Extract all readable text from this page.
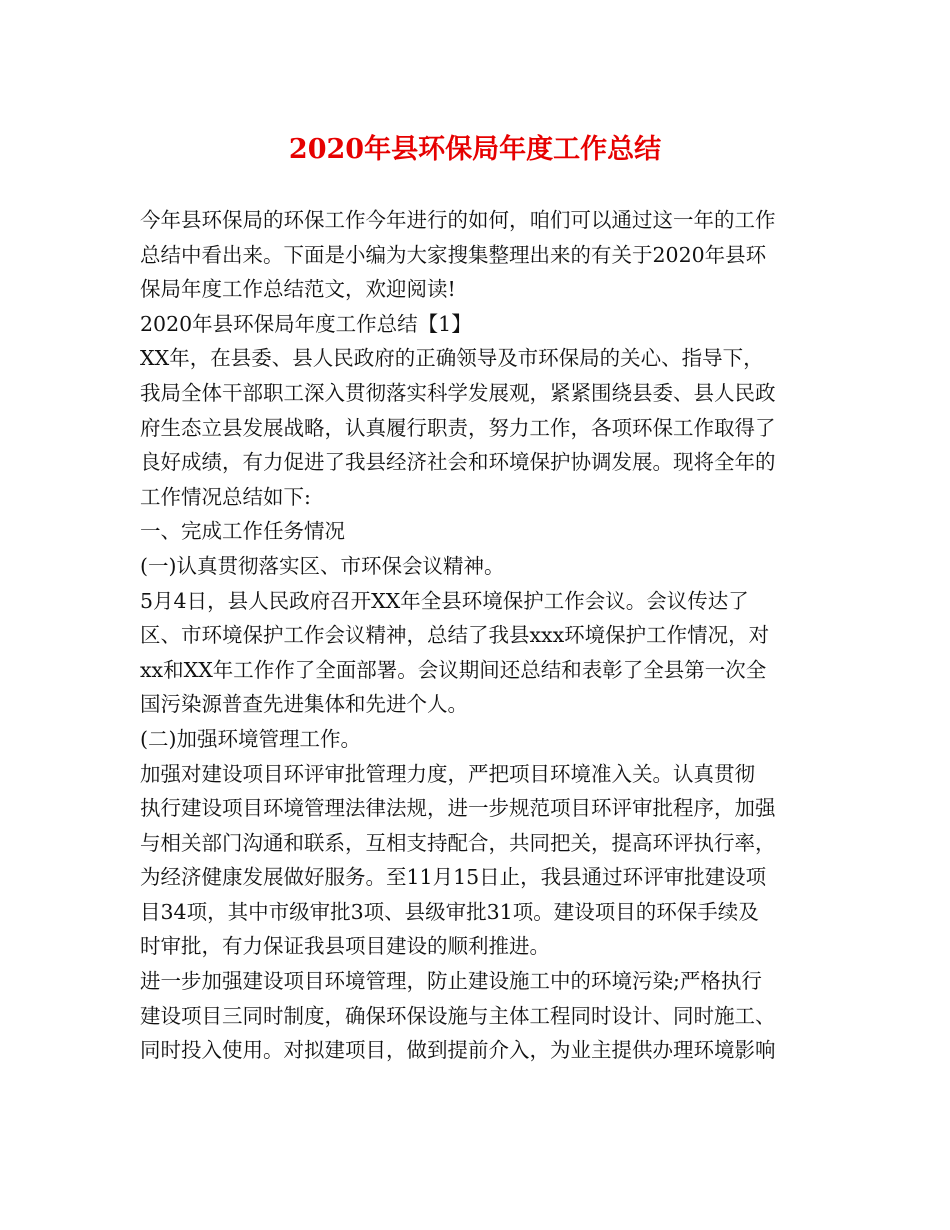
2020年县环保局年度工作总结
今年县环保局的环保工作今年进行的如何，咱们可以通过这一年的工作
总结中看出来。下面是小编为大家搜集整理出来的有关于2020年县环
保局年度工作总结范文，欢迎阅读!
2020年县环保局年度工作总结【1】
XX年，在县委、县人民政府的正确领导及市环保局的关心、指导下，
我局全体干部职工深入贯彻落实科学发展观，紧紧围绕县委、县人民政
府生态立县发展战略，认真履行职责，努力工作，各项环保工作取得了
良好成绩，有力促进了我县经济社会和环境保护协调发展。现将全年的
工作情况总结如下:
一、完成工作任务情况
(一)认真贯彻落实区、市环保会议精神。
5月4日，县人民政府召开XX年全县环境保护工作会议。会议传达了
区、市环境保护工作会议精神，总结了我县xxx环境保护工作情况，对
xx和XX年工作作了全面部署。会议期间还总结和表彰了全县第一次全
国污染源普查先进集体和先进个人。
(二)加强环境管理工作。
加强对建设项目环评审批管理力度，严把项目环境准入关。认真贯彻
执行建设项目环境管理法律法规，进一步规范项目环评审批程序，加强
与相关部门沟通和联系，互相支持配合，共同把关，提高环评执行率，
为经济健康发展做好服务。至11月15日止，我县通过环评审批建设项
目34项，其中市级审批3项、县级审批31项。建设项目的环保手续及
时审批，有力保证我县项目建设的顺利推进。
进一步加强建设项目环境管理，防止建设施工中的环境污染;严格执行
建设项目三同时制度，确保环保设施与主体工程同时设计、同时施工、
同时投入使用。对拟建项目，做到提前介入，为业主提供办理环境影响
